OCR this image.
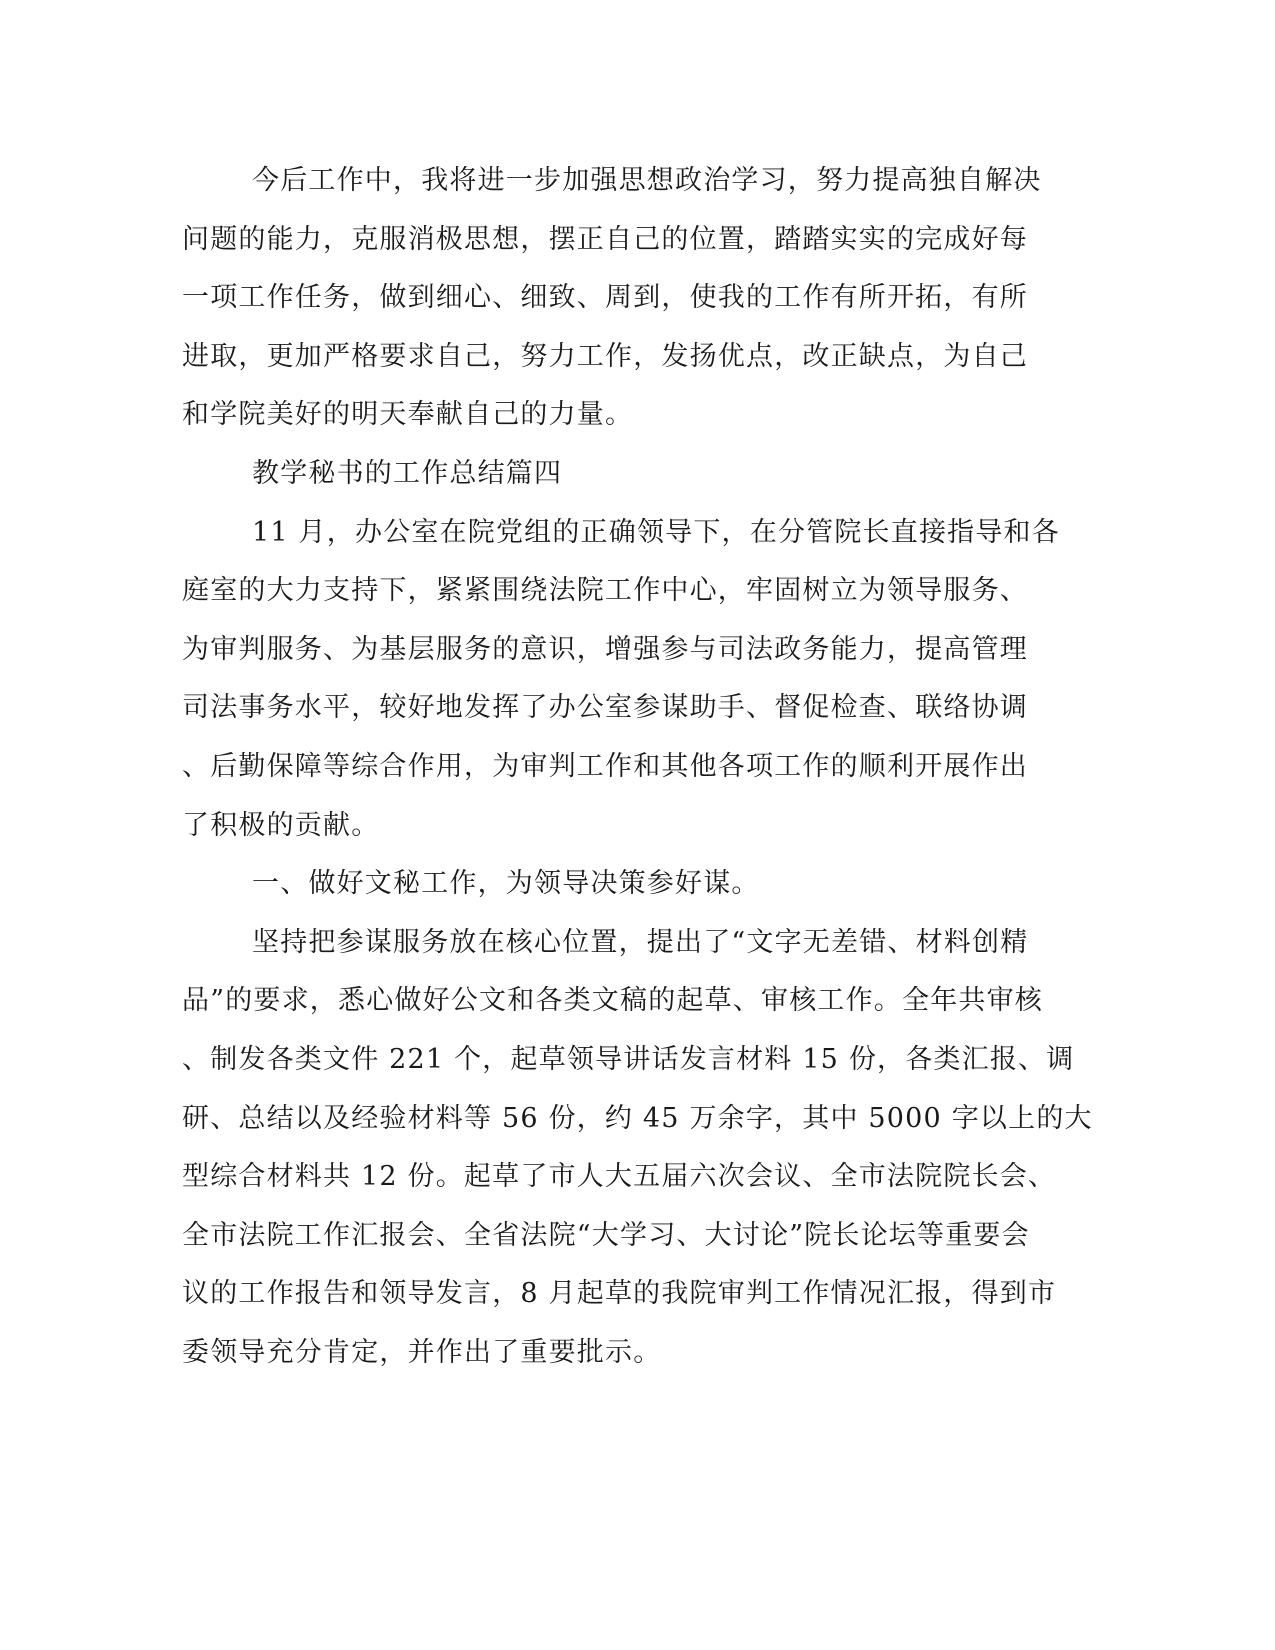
今后工作中，我将进一步加强思想政治学习，努力提高独自解决
问题的能力，克服消极思想，摆正自己的位置，踏踏实实的完成好每
一项工作任务，做到细心、细致、周到，使我的工作有所开拓，有所
进取，更加严格要求自己，努力工作，发扬优点，改正缺点，为自己
和学院美好的明天奉献自己的力量。
教学秘书的工作总结篇四
11 月，办公室在院党组的正确领导下，在分管院长直接指导和各
庭室的大力支持下，紧紧围绕法院工作中心，牢固树立为领导服务、
为审判服务、为基层服务的意识，增强参与司法政务能力，提高管理
司法事务水平，较好地发挥了办公室参谋助手、督促检查、联络协调
、后勤保障等综合作用，为审判工作和其他各项工作的顺利开展作出
了积极的贡献。
一、做好文秘工作，为领导决策参好谋。
坚持把参谋服务放在核心位置，提出了“文字无差错、材料创精
品”的要求，悉心做好公文和各类文稿的起草、审核工作。全年共审核
、制发各类文件 221 个，起草领导讲话发言材料 15 份，各类汇报、调
研、总结以及经验材料等 56 份，约 45 万余字，其中 5000 字以上的大
型综合材料共 12 份。起草了市人大五届六次会议、全市法院院长会、
全市法院工作汇报会、全省法院“大学习、大讨论”院长论坛等重要会
议的工作报告和领导发言，8 月起草的我院审判工作情况汇报，得到市
委领导充分肯定，并作出了重要批示。
